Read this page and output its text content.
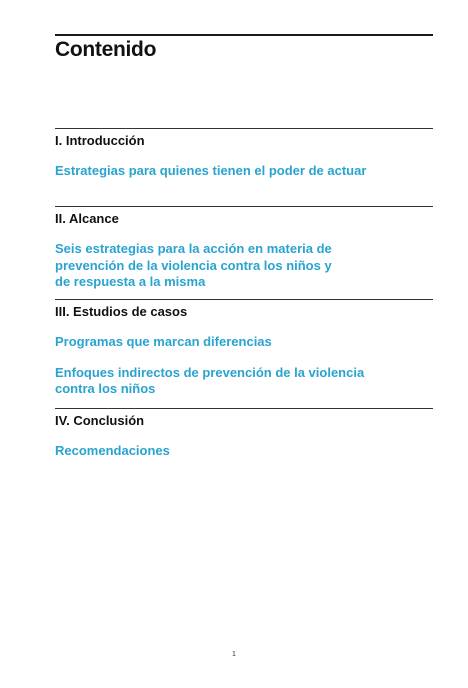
Contenido
I. Introducción
Estrategias para quienes tienen el poder de actuar
II. Alcance
Seis estrategias para la acción en materia de
prevención de la violencia contra los niños y
de respuesta a la misma
III. Estudios de casos
Programas que marcan diferencias
Enfoques indirectos de prevención de la violencia
contra los niños
IV. Conclusión
Recomendaciones
1
